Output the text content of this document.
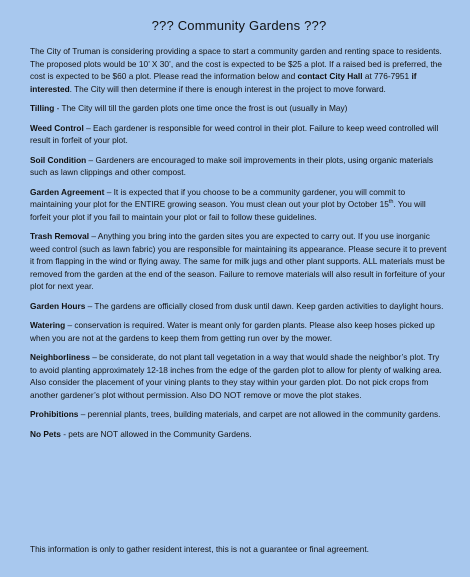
??? Community Gardens ???

The City of Truman is considering providing a space to start a community garden and renting space to residents. The proposed plots would be 10’ X 30’, and the cost is expected to be $25 a plot. If a raised bed is preferred, the cost is expected to be $60 a plot. Please read the information below and contact City Hall at 776-7951 if interested. The City will then determine if there is enough interest in the project to move forward.

Tilling - The City will till the garden plots one time once the frost is out (usually in May)

Weed Control – Each gardener is responsible for weed control in their plot. Failure to keep weed controlled will result in forfeit of your plot.

Soil Condition – Gardeners are encouraged to make soil improvements in their plots, using organic materials such as lawn clippings and other compost.

Garden Agreement – It is expected that if you choose to be a community gardener, you will commit to maintaining your plot for the ENTIRE growing season. You must clean out your plot by October 15th. You will forfeit your plot if you fail to maintain your plot or fail to follow these guidelines.

Trash Removal – Anything you bring into the garden sites you are expected to carry out. If you use inorganic weed control (such as lawn fabric) you are responsible for maintaining its appearance. Please secure it to prevent it from flapping in the wind or flying away. The same for milk jugs and other plant supports. ALL materials must be removed from the garden at the end of the season. Failure to remove materials will also result in forfeiture of your plot for next year.

Garden Hours – The gardens are officially closed from dusk until dawn. Keep garden activities to daylight hours.

Watering – conservation is required. Water is meant only for garden plants. Please also keep hoses picked up when you are not at the gardens to keep them from getting run over by the mower.

Neighborliness – be considerate, do not plant tall vegetation in a way that would shade the neighbor’s plot. Try to avoid planting approximately 12-18 inches from the edge of the garden plot to allow for plenty of walking area. Also consider the placement of your vining plants to they stay within your garden plot. Do not pick crops from another gardener’s plot without permission. Also DO NOT remove or move the plot stakes.

Prohibitions – perennial plants, trees, building materials, and carpet are not allowed in the community gardens.

No Pets - pets are NOT allowed in the Community Gardens.

This information is only to gather resident interest, this is not a guarantee or final agreement.
